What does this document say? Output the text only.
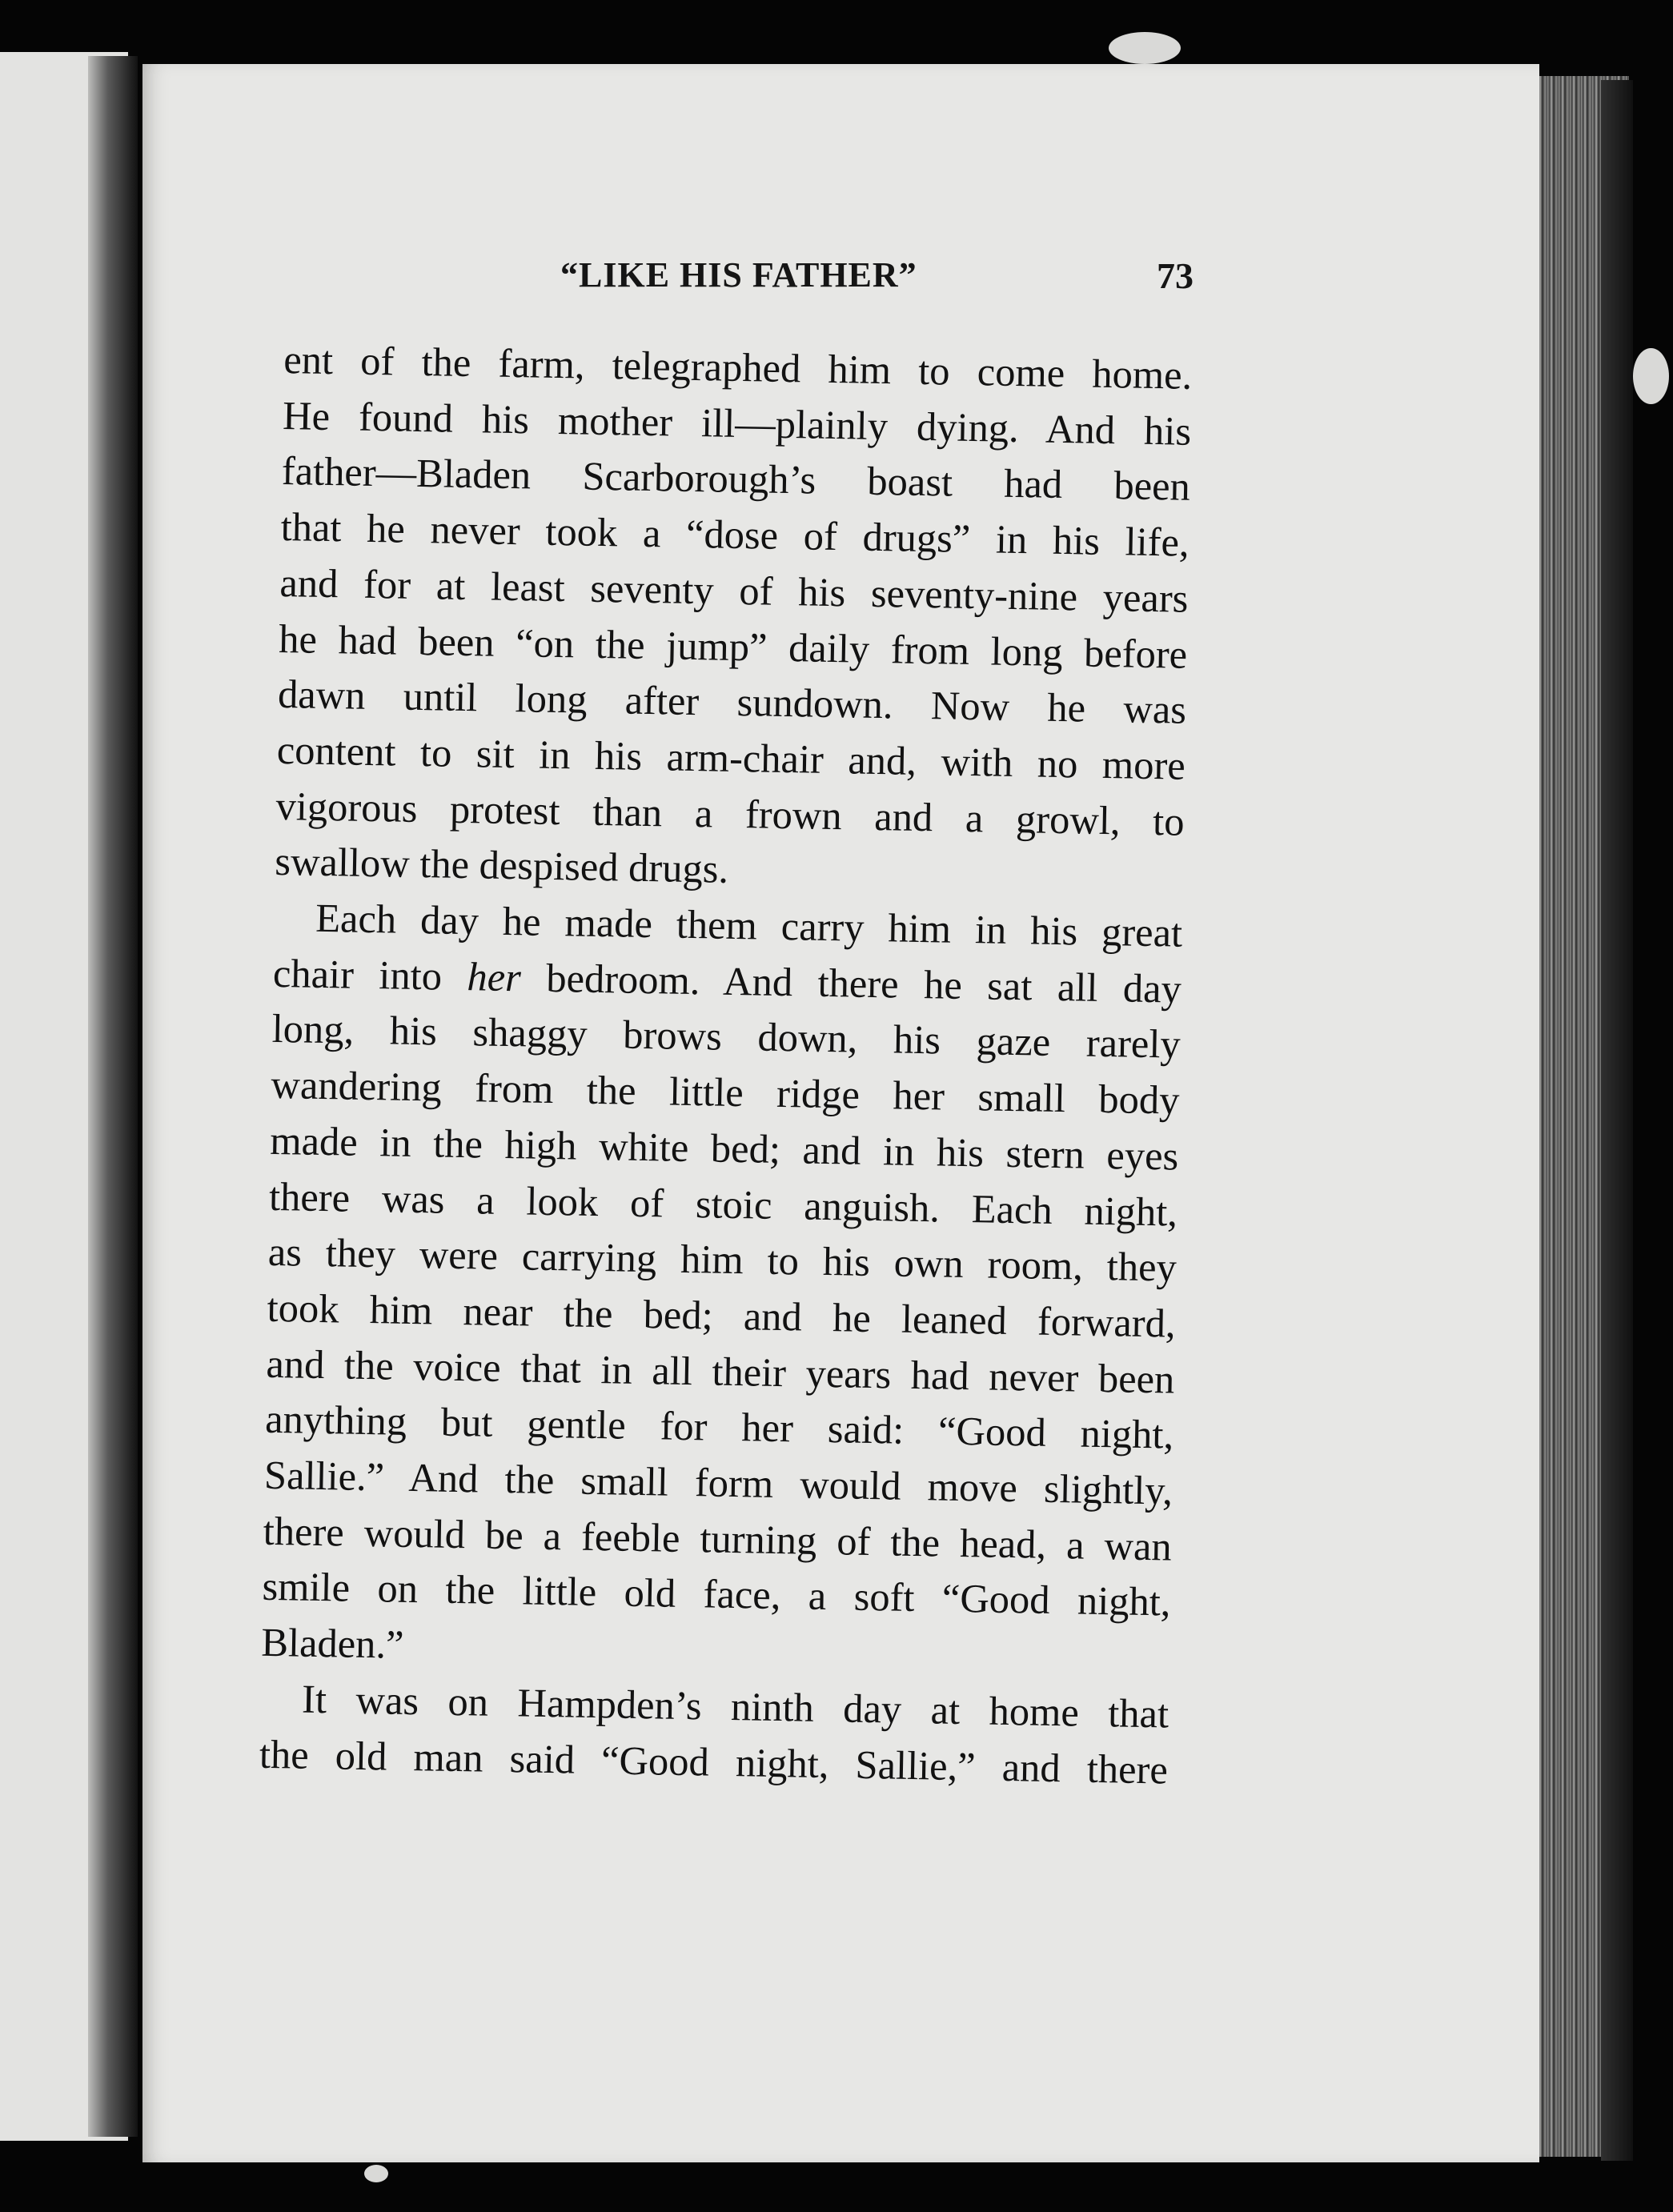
“LIKE HIS FATHER”	73
ent of the farm, telegraphed him to come home.
He found his mother ill—plainly dying. And his
father—Bladen Scarborough’s boast had been
that he never took a “dose of drugs” in his life,
and for at least seventy of his seventy-nine years
he had been “on the jump” daily from long before
dawn until long after sundown. Now he was
content to sit in his arm-chair and, with no more
vigorous protest than a frown and a growl, to
swallow the despised drugs.
Each day he made them carry him in his great
chair into her bedroom. And there he sat all day
long, his shaggy brows down, his gaze rarely
wandering from the little ridge her small body
made in the high white bed; and in his stern eyes
there was a look of stoic anguish. Each night,
as they were carrying him to his own room, they
took him near the bed; and he leaned forward,
and the voice that in all their years had never been
anything but gentle for her said: “Good night,
Sallie.” And the small form would move slightly,
there would be a feeble turning of the head, a wan
smile on the little old face, a soft “Good night,
Bladen.”
It was on Hampden’s ninth day at home that
the old man said “Good night, Sallie,” and there
